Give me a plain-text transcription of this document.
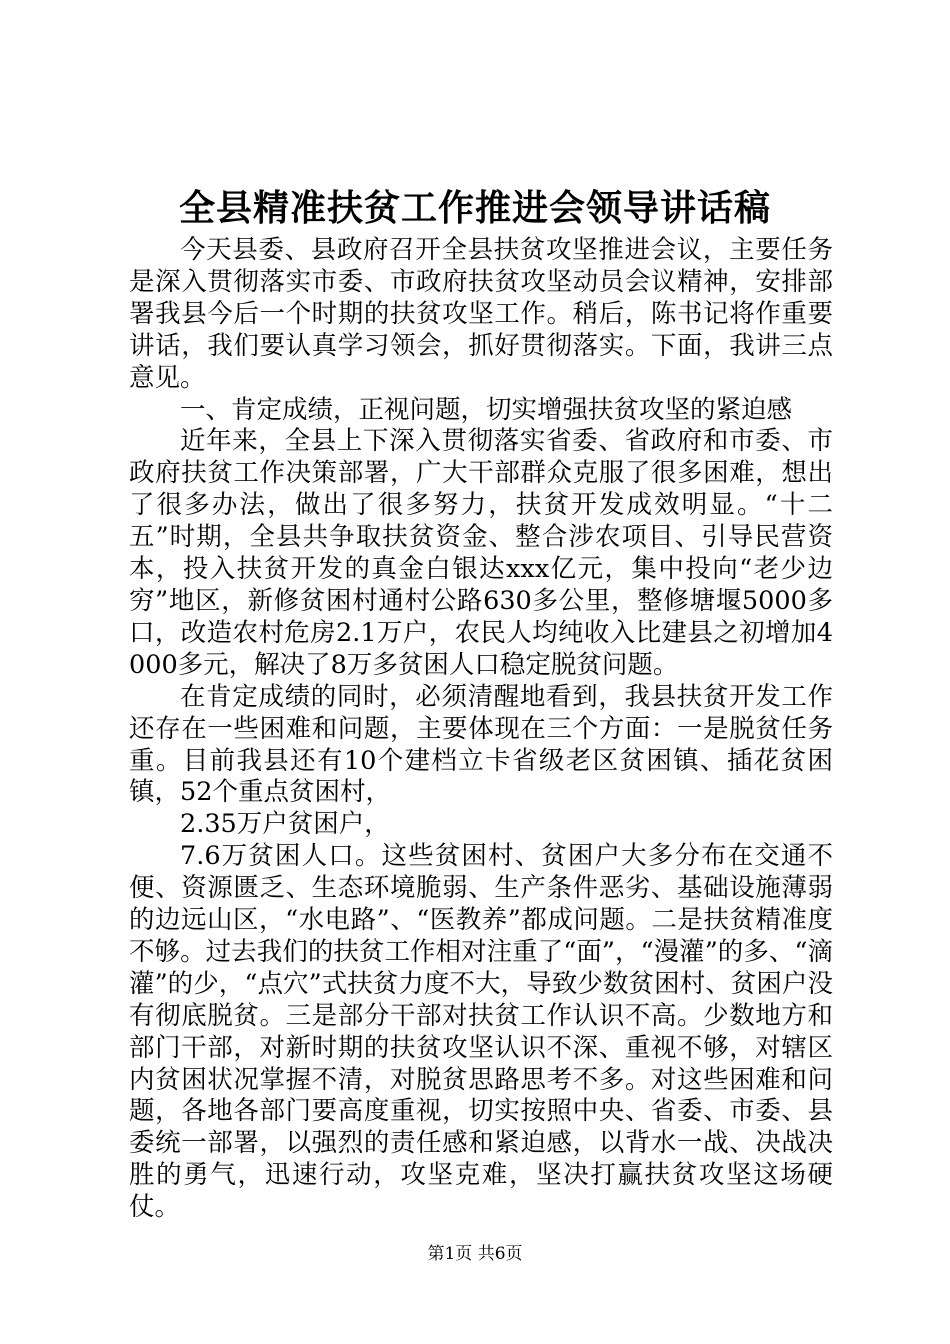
全县精准扶贫工作推进会领导讲话稿

今天县委、县政府召开全县扶贫攻坚推进会议，主要任务是深入贯彻落实市委、市政府扶贫攻坚动员会议精神，安排部署我县今后一个时期的扶贫攻坚工作。稍后，陈书记将作重要讲话，我们要认真学习领会，抓好贯彻落实。下面，我讲三点意见。

一、肯定成绩，正视问题，切实增强扶贫攻坚的紧迫感

近年来，全县上下深入贯彻落实省委、省政府和市委、市政府扶贫工作决策部署，广大干部群众克服了很多困难，想出了很多办法，做出了很多努力，扶贫开发成效明显。“十二五”时期，全县共争取扶贫资金、整合涉农项目、引导民营资本，投入扶贫开发的真金白银达xxx亿元，集中投向“老少边穷”地区，新修贫困村通村公路630多公里，整修塘堰5000多口，改造农村危房2.1万户，农民人均纯收入比建县之初增加4000多元，解决了8万多贫困人口稳定脱贫问题。

在肯定成绩的同时，必须清醒地看到，我县扶贫开发工作还存在一些困难和问题，主要体现在三个方面：一是脱贫任务重。目前我县还有10个建档立卡省级老区贫困镇、插花贫困镇，52个重点贫困村，

2.35万户贫困户，

7.6万贫困人口。这些贫困村、贫困户大多分布在交通不便、资源匮乏、生态环境脆弱、生产条件恶劣、基础设施薄弱的边远山区，“水电路”、“医教养”都成问题。二是扶贫精准度不够。过去我们的扶贫工作相对注重了“面”，“漫灌”的多、“滴灌”的少，“点穴”式扶贫力度不大，导致少数贫困村、贫困户没有彻底脱贫。三是部分干部对扶贫工作认识不高。少数地方和部门干部，对新时期的扶贫攻坚认识不深、重视不够，对辖区内贫困状况掌握不清，对脱贫思路思考不多。对这些困难和问题，各地各部门要高度重视，切实按照中央、省委、市委、县委统一部署，以强烈的责任感和紧迫感，以背水一战、决战决胜的勇气，迅速行动，攻坚克难，坚决打赢扶贫攻坚这场硬仗。

第1页 共6页
